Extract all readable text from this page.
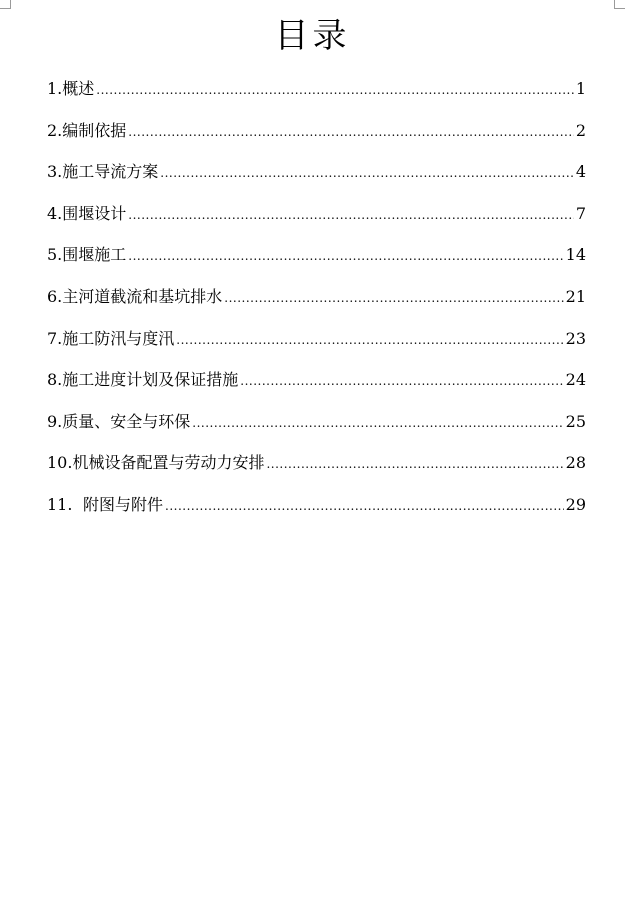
目录
1. 概述 .....	1
2. 编制依据 .....	2
3. 施工导流方案 .....	4
4. 围堰设计 .....	7
5. 围堰施工 .....	14
6. 主河道截流和基坑排水 .....	21
7. 施工防汛与度汛 .....	23
8. 施工进度计划及保证措施 .....	24
9. 质量、安全与环保 .....	25
10. 机械设备配置与劳动力安排 .....	28
11. 附图与附件 .....	29
